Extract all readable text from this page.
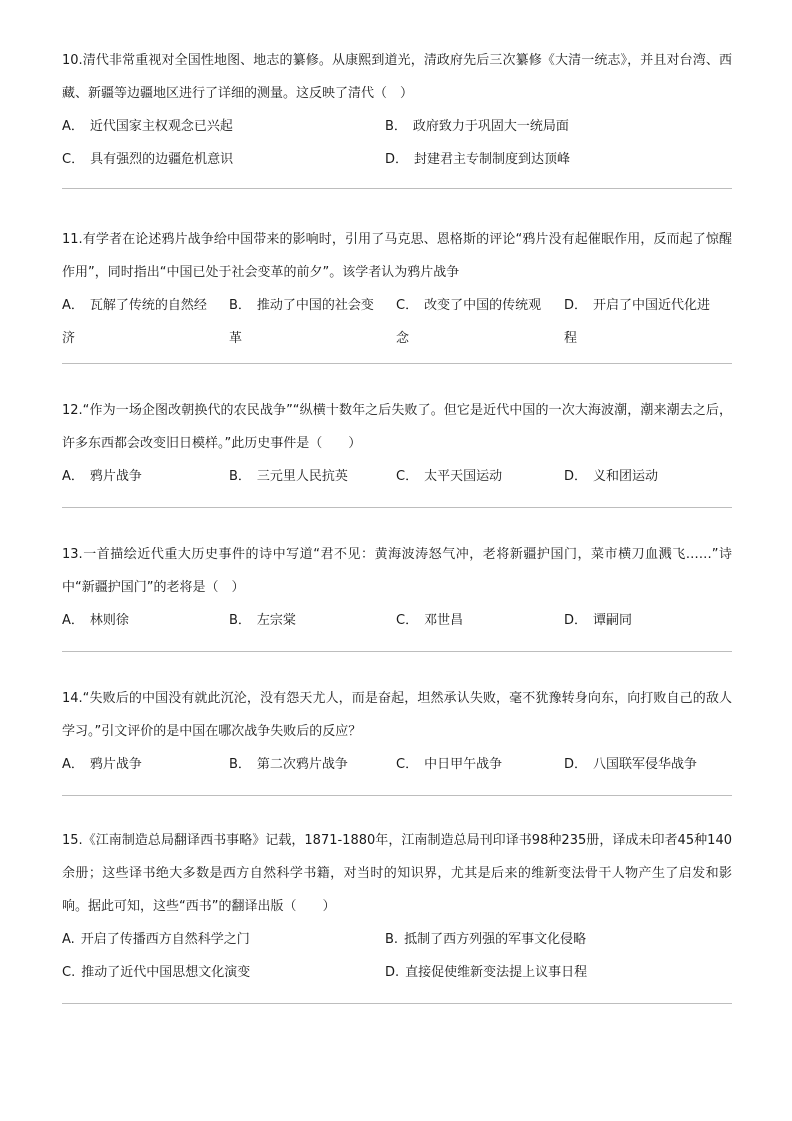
10.清代非常重视对全国性地图、地志的纂修。从康熙到道光，清政府先后三次纂修《大清一统志》，并且对台湾、西藏、新疆等边疆地区进行了详细的测量。这反映了清代（　）

A． 近代国家主权观念已兴起	B． 政府致力于巩固大一统局面
C． 具有强烈的边疆危机意识	D． 封建君主专制制度到达顶峰

11.有学者在论述鸦片战争给中国带来的影响时，引用了马克思、恩格斯的评论“鸦片没有起催眠作用，反而起了惊醒作用”，同时指出“中国已处于社会变革的前夕”。该学者认为鸦片战争

A． 瓦解了传统的自然经济
B． 推动了中国的社会变革
C． 改变了中国的传统观念
D． 开启了中国近代化进程

12.“作为一场企图改朝换代的农民战争”“纵横十数年之后失败了。但它是近代中国的一次大海波潮，潮来潮去之后，许多东西都会改变旧日模样。”此历史事件是（　　）

A． 鸦片战争	B． 三元里人民抗英	C． 太平天国运动	D． 义和团运动

13.一首描绘近代重大历史事件的诗中写道“君不见：黄海波涛怒气冲，老将新疆护国门，菜市横刀血溅飞……”诗中“新疆护国门”的老将是（　）

A． 林则徐	B． 左宗棠	C． 邓世昌	D． 谭嗣同

14.“失败后的中国没有就此沉沦，没有怨天尤人，而是奋起，坦然承认失败，毫不犹豫转身向东，向打败自己的敌人学习。”引文评价的是中国在哪次战争失败后的反应？

A． 鸦片战争	B． 第二次鸦片战争	C． 中日甲午战争	D． 八国联军侵华战争

15.《江南制造总局翻译西书事略》记载，1871-1880年，江南制造总局刊印译书98种235册，译成未印者45种140余册；这些译书绝大多数是西方自然科学书籍，对当时的知识界，尤其是后来的维新变法骨干人物产生了启发和影响。据此可知，这些“西书”的翻译出版（　　）

A. 开启了传播西方自然科学之门	B. 抵制了西方列强的军事文化侵略
C. 推动了近代中国思想文化演变	D. 直接促使维新变法提上议事日程
